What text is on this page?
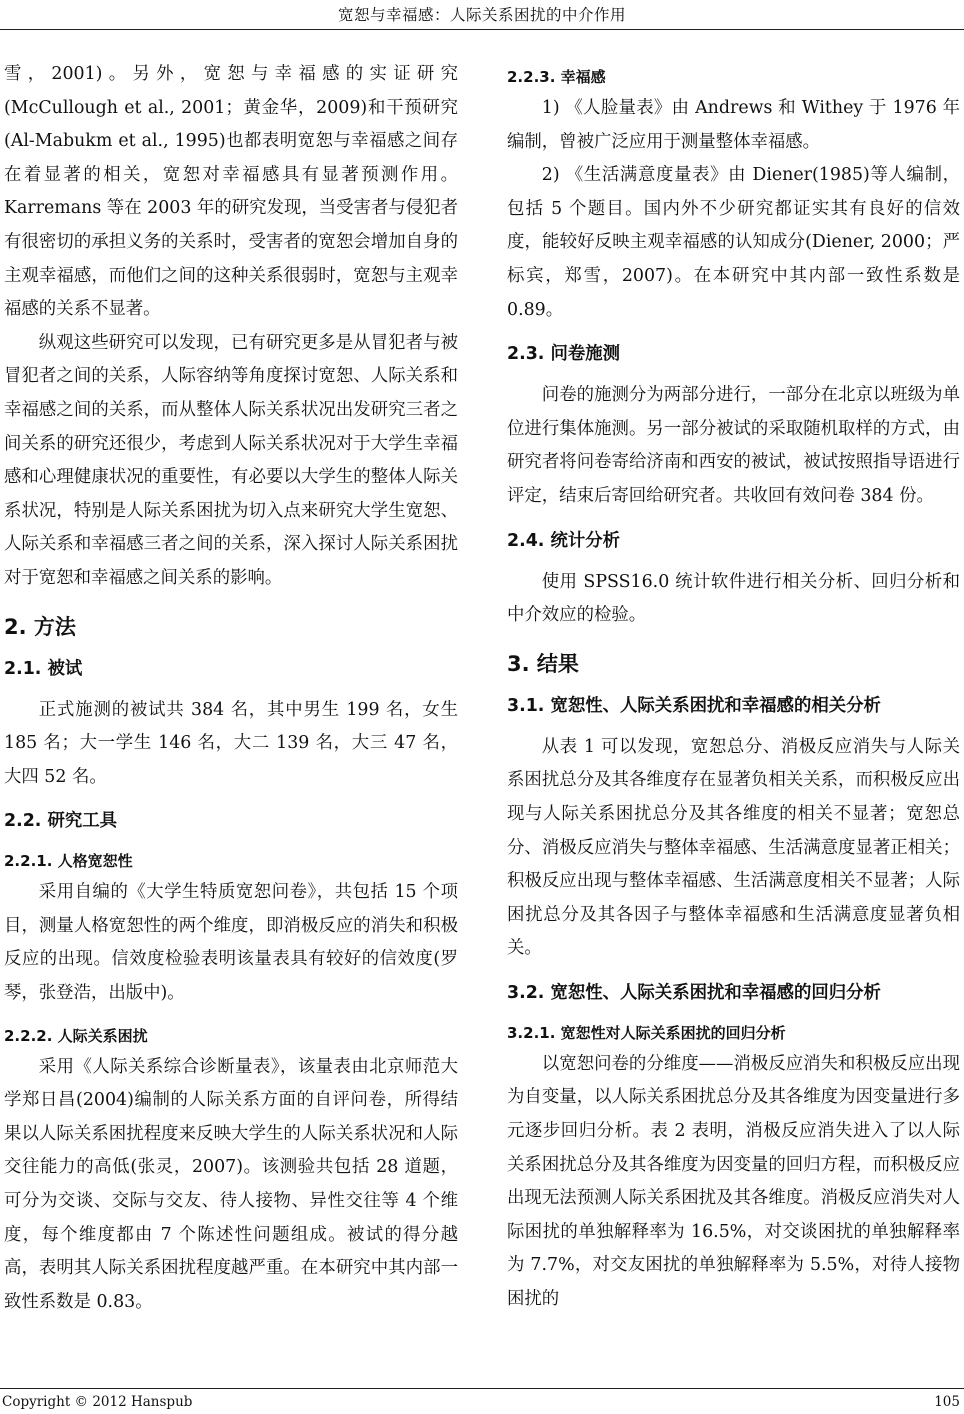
宽恕与幸福感：人际关系困扰的中介作用

雪，2001)。另外，宽恕与幸福感的实证研究(McCullough et al., 2001；黄金华，2009)和干预研究(Al-Mabukm et al., 1995)也都表明宽恕与幸福感之间存在着显著的相关，宽恕对幸福感具有显著预测作用。Karremans 等在 2003 年的研究发现，当受害者与侵犯者有很密切的承担义务的关系时，受害者的宽恕会增加自身的主观幸福感，而他们之间的这种关系很弱时，宽恕与主观幸福感的关系不显著。

纵观这些研究可以发现，已有研究更多是从冒犯者与被冒犯者之间的关系，人际容纳等角度探讨宽恕、人际关系和幸福感之间的关系，而从整体人际关系状况出发研究三者之间关系的研究还很少，考虑到人际关系状况对于大学生幸福感和心理健康状况的重要性，有必要以大学生的整体人际关系状况，特别是人际关系困扰为切入点来研究大学生宽恕、人际关系和幸福感三者之间的关系，深入探讨人际关系困扰对于宽恕和幸福感之间关系的影响。

2. 方法
2.1. 被试

正式施测的被试共 384 名，其中男生 199 名，女生 185 名；大一学生 146 名，大二 139 名，大三 47 名，大四 52 名。

2.2. 研究工具
2.2.1. 人格宽恕性

采用自编的《大学生特质宽恕问卷》，共包括 15 个项目，测量人格宽恕性的两个维度，即消极反应的消失和积极反应的出现。信效度检验表明该量表具有较好的信效度(罗琴，张登浩，出版中)。

2.2.2. 人际关系困扰

采用《人际关系综合诊断量表》，该量表由北京师范大学郑日昌(2004)编制的人际关系方面的自评问卷，所得结果以人际关系困扰程度来反映大学生的人际关系状况和人际交往能力的高低(张灵，2007)。该测验共包括 28 道题，可分为交谈、交际与交友、待人接物、异性交往等 4 个维度，每个维度都由 7 个陈述性问题组成。被试的得分越高，表明其人际关系困扰程度越严重。在本研究中其内部一致性系数是 0.83。

2.2.3. 幸福感

1) 《人脸量表》由 Andrews 和 Withey 于 1976 年编制，曾被广泛应用于测量整体幸福感。

2) 《生活满意度量表》由 Diener(1985)等人编制，包括 5 个题目。国内外不少研究都证实其有良好的信效度，能较好反映主观幸福感的认知成分(Diener, 2000；严标宾，郑雪，2007)。在本研究中其内部一致性系数是 0.89。

2.3. 问卷施测

问卷的施测分为两部分进行，一部分在北京以班级为单位进行集体施测。另一部分被试的采取随机取样的方式，由研究者将问卷寄给济南和西安的被试，被试按照指导语进行评定，结束后寄回给研究者。共收回有效问卷 384 份。

2.4. 统计分析

使用 SPSS16.0 统计软件进行相关分析、回归分析和中介效应的检验。

3. 结果
3.1. 宽恕性、人际关系困扰和幸福感的相关分析

从表 1 可以发现，宽恕总分、消极反应消失与人际关系困扰总分及其各维度存在显著负相关关系，而积极反应出现与人际关系困扰总分及其各维度的相关不显著；宽恕总分、消极反应消失与整体幸福感、生活满意度显著正相关；积极反应出现与整体幸福感、生活满意度相关不显著；人际困扰总分及其各因子与整体幸福感和生活满意度显著负相关。

3.2. 宽恕性、人际关系困扰和幸福感的回归分析
3.2.1. 宽恕性对人际关系困扰的回归分析

以宽恕问卷的分维度——消极反应消失和积极反应出现为自变量，以人际关系困扰总分及其各维度为因变量进行多元逐步回归分析。表 2 表明，消极反应消失进入了以人际关系困扰总分及其各维度为因变量的回归方程，而积极反应出现无法预测人际关系困扰及其各维度。消极反应消失对人际困扰的单独解释率为 16.5%，对交谈困扰的单独解释率为 7.7%，对交友困扰的单独解释率为 5.5%，对待人接物困扰的

Copyright © 2012 Hanspub	105
